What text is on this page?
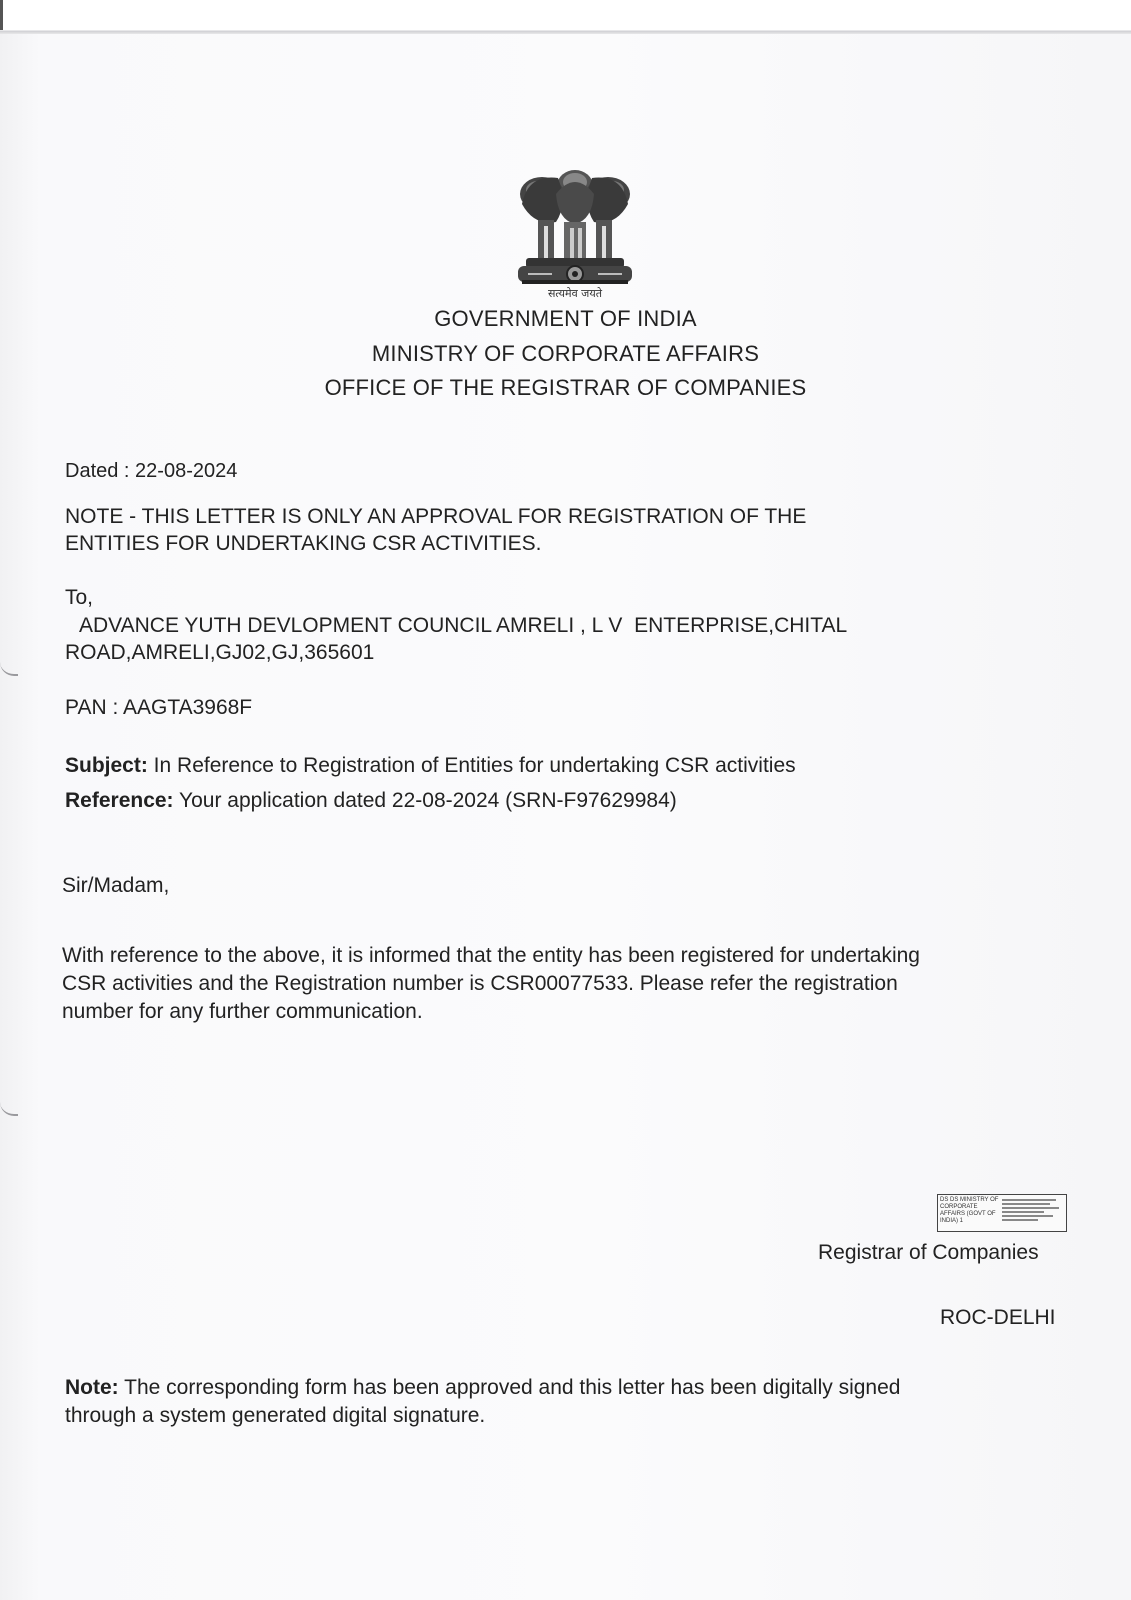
सत्यमेव जयते
GOVERNMENT OF INDIA
MINISTRY OF CORPORATE AFFAIRS
OFFICE OF THE REGISTRAR OF COMPANIES
Dated : 22-08-2024
NOTE - THIS LETTER IS ONLY AN APPROVAL FOR REGISTRATION OF THE
ENTITIES FOR UNDERTAKING CSR ACTIVITIES.
To,
ADVANCE YUTH DEVLOPMENT COUNCIL AMRELI , L V  ENTERPRISE,CHITAL
ROAD,AMRELI,GJ02,GJ,365601
PAN : AAGTA3968F
Subject: In Reference to Registration of Entities for undertaking CSR activities
Reference: Your application dated 22-08-2024 (SRN-F97629984)
Sir/Madam,
With reference to the above, it is informed that the entity has been registered for undertaking
CSR activities and the Registration number is CSR00077533. Please refer the registration
number for any further communication.
DS DS MINISTRY OF CORPORATE AFFAIRS (GOVT OF INDIA) 1
Registrar of Companies
ROC-DELHI
Note: The corresponding form has been approved and this letter has been digitally signed
through a system generated digital signature.
